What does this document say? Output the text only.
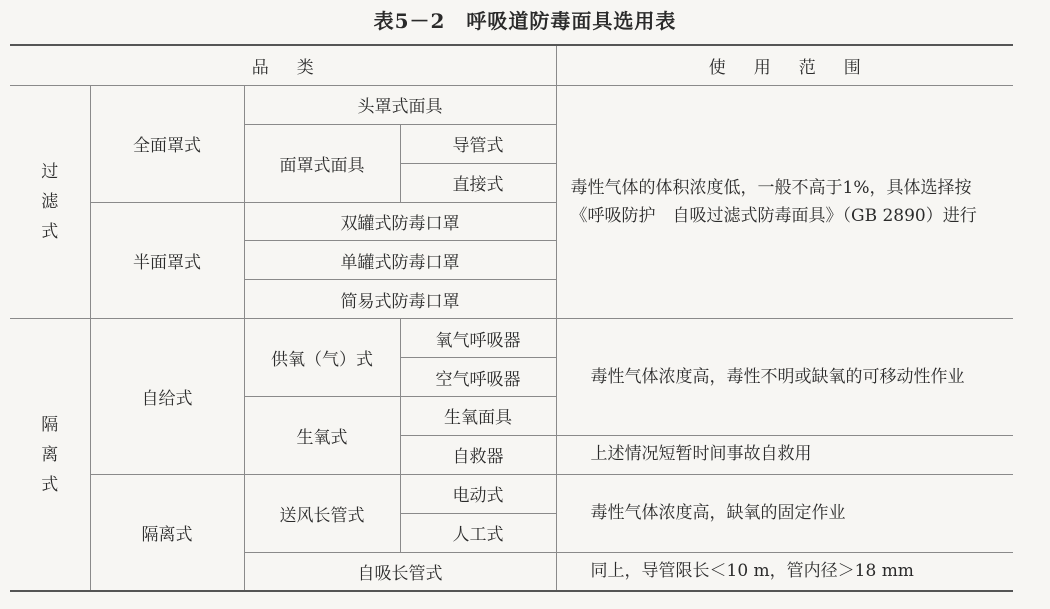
表5－2　呼吸道防毒面具选用表
品类				使用范围
过滤式	全面罩式	头罩式面具		毒性气体的体积浓度低，一般不高于1%，具体选择按《呼吸防护　自吸过滤式防毒面具》（GB 2890）进行
		面罩式面具	导管式	
			直接式	
	半面罩式	双罐式防毒口罩		
		单罐式防毒口罩		
		简易式防毒口罩		
隔离式	自给式	供氧（气）式	氧气呼吸器	毒性气体浓度高，毒性不明或缺氧的可移动性作业
			空气呼吸器	
		生氧式	生氧面具	
			自救器	上述情况短暂时间事故自救用
	隔离式	送风长管式	电动式	毒性气体浓度高，缺氧的固定作业
			人工式	
		自吸长管式		同上，导管限长＜10 m，管内径＞18 mm
